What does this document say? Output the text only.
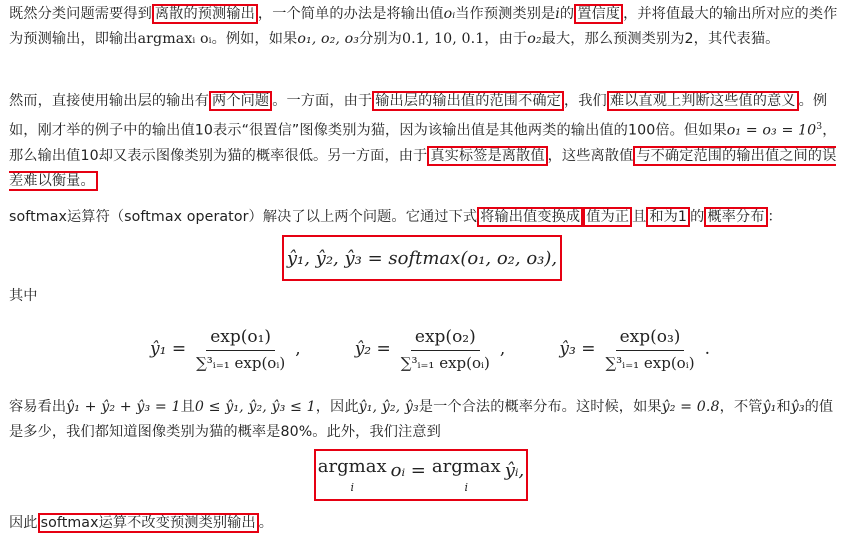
既然分类问题需要得到 离散的预测输出 ，一个简单的办法是将输出值oᵢ当作预测类别是i的 置信度 ，并将值最大的输出所对应的类作为预测输出，即输出argmaxᵢ oᵢ。例如，如果o₁, o₂, o₃分别为0.1, 10, 0.1，由于o₂最大，那么预测类别为2，其代表猫。

然而，直接使用输出层的输出有 两个问题 。一方面，由于 输出层的输出值的范围不确定 ，我们 难以直观上判断这些值的意义 。例如，刚才举的例子中的输出值10表示“很置信”图像类别为猫，因为该输出值是其他两类的输出值的100倍。但如果$o_1 = o_3 = 10^3$，那么输出值10却又表示图像类别为猫的概率很低。另一方面，由于 真实标签是离散值 ，这些离散值 与不确定范围的输出值之间的误差难以衡量。

softmax运算符（softmax operator）解决了以上两个问题。它通过下式 将输出值变换成 值为正 且 和为1 的 概率分布 ：

ŷ₁, ŷ₂, ŷ₃ = softmax(o₁, o₂, o₃),

其中

ŷ₁ = $\frac{\text{exp(o₁)}}{\text{∑³ᵢ₌₁ exp(oᵢ)}}$ ,	ŷ₂ = $\frac{\text{exp(o₂)}}{\text{∑³ᵢ₌₁ exp(oᵢ)}}$ ,	ŷ₃ = $\frac{\text{exp(o₃)}}{\text{∑³ᵢ₌₁ exp(oᵢ)}}$ .

容易看出ŷ₁ + ŷ₂ + ŷ₃ = 1且0 ≤ ŷ₁, ŷ₂, ŷ₃ ≤ 1，因此ŷ₁, ŷ₂, ŷ₃是一个合法的概率分布。这时候，如果ŷ₂ = 0.8，不管ŷ₁和ŷ₃的值是多少，我们都知道图像类别为猫的概率是80%。此外，我们注意到

argmax
i
oᵢ = argmax
i
ŷᵢ,

因此 softmax运算不改变预测类别输出 。
